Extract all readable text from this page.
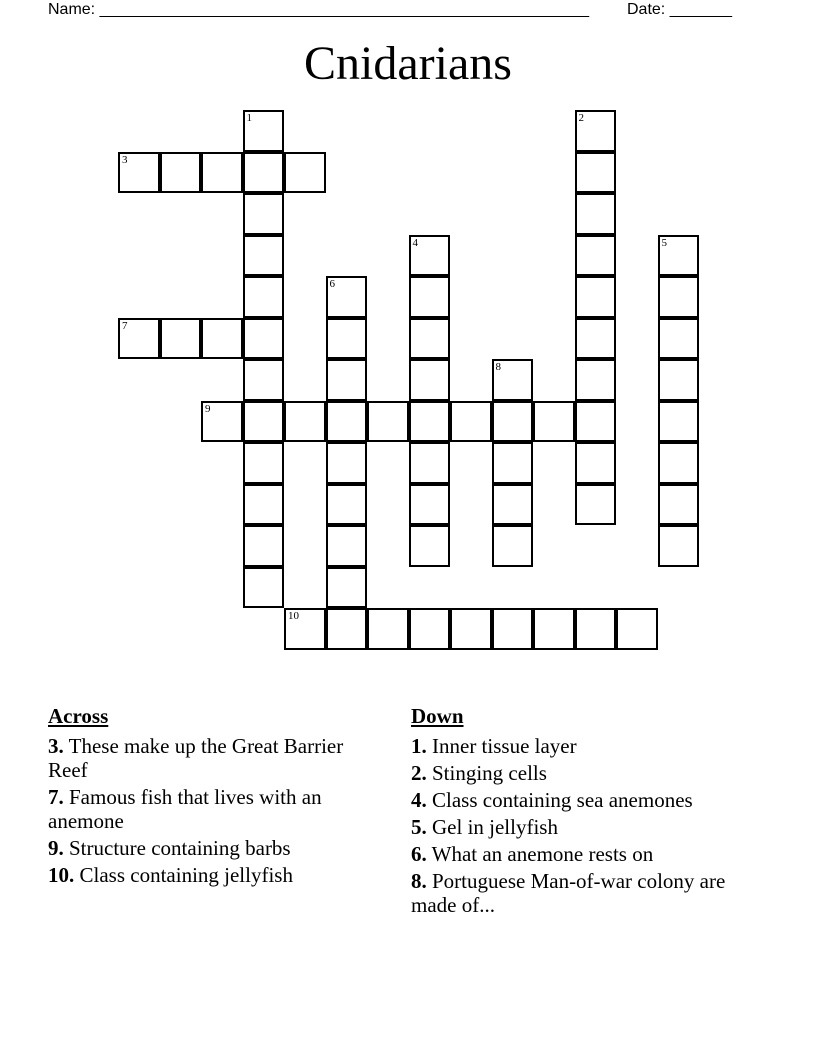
Name: _______________________________________________________ Date: _______
Cnidarians
3
7
9
10
1	2
4	5
6
8
Across
3. These make up the Great Barrier Reef
7. Famous fish that lives with an anemone
9. Structure containing barbs
10. Class containing jellyfish
Down
1. Inner tissue layer
2. Stinging cells
4. Class containing sea anemones
5. Gel in jellyfish
6. What an anemone rests on
8. Portuguese Man-of-war colony are made of...
